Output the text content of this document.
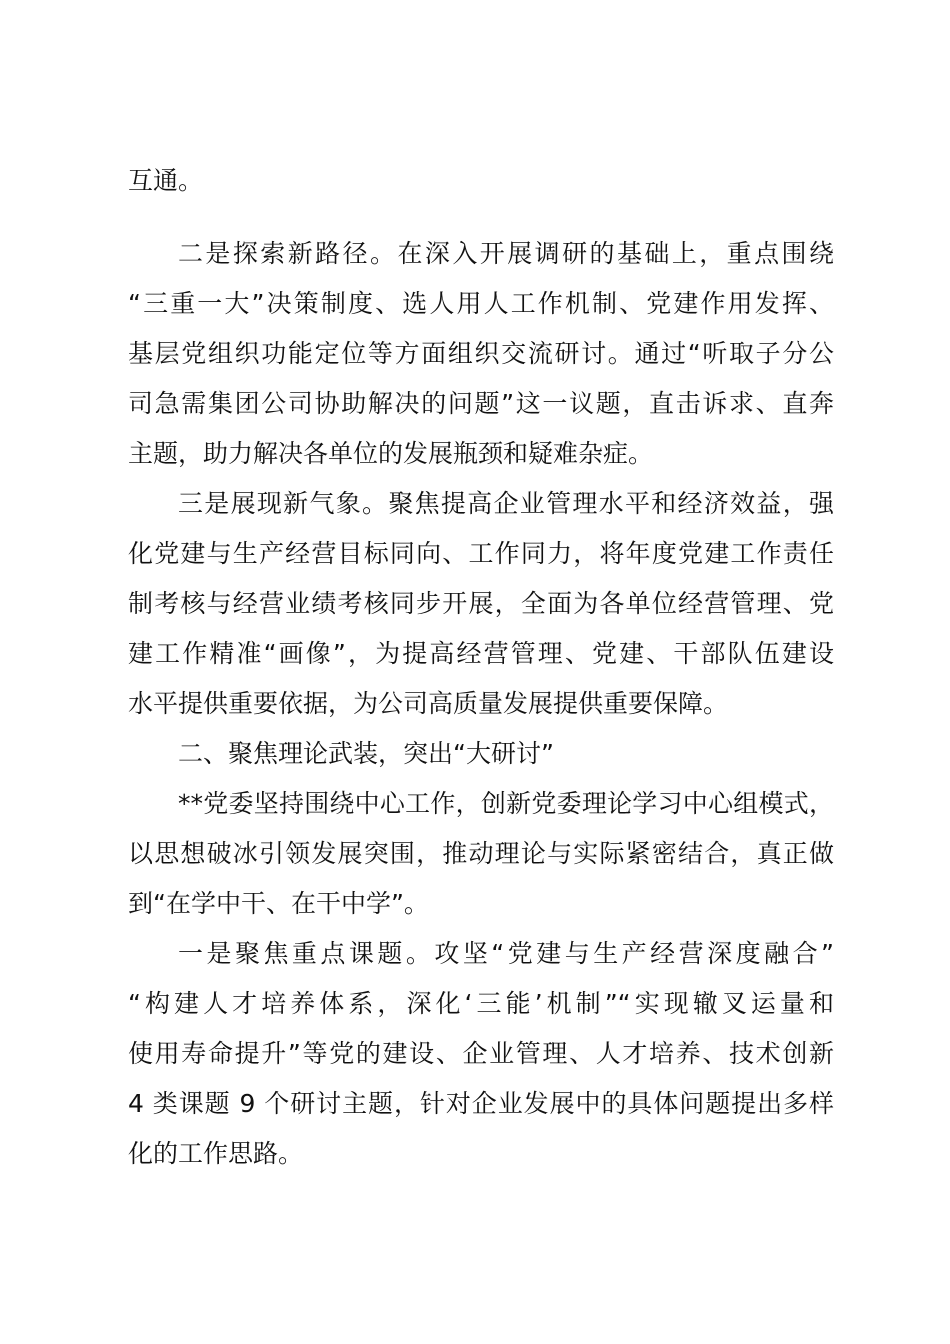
互通。
二是探索新路径。在深入开展调研的基础上，重点围绕
“三重一大”决策制度、选人用人工作机制、党建作用发挥、
基层党组织功能定位等方面组织交流研讨。通过“听取子分公
司急需集团公司协助解决的问题”这一议题，直击诉求、直奔
主题，助力解决各单位的发展瓶颈和疑难杂症。
三是展现新气象。聚焦提高企业管理水平和经济效益，强
化党建与生产经营目标同向、工作同力，将年度党建工作责任
制考核与经营业绩考核同步开展，全面为各单位经营管理、党
建工作精准“画像”，为提高经营管理、党建、干部队伍建设
水平提供重要依据，为公司高质量发展提供重要保障。
二、聚焦理论武装，突出“大研讨”
**党委坚持围绕中心工作，创新党委理论学习中心组模式，
以思想破冰引领发展突围，推动理论与实际紧密结合，真正做
到“在学中干、在干中学”。
一是聚焦重点课题。攻坚“党建与生产经营深度融合”
“构建人才培养体系，深化‘三能’机制”“实现辙叉运量和
使用寿命提升”等党的建设、企业管理、人才培养、技术创新
4 类课题 9 个研讨主题，针对企业发展中的具体问题提出多样
化的工作思路。
